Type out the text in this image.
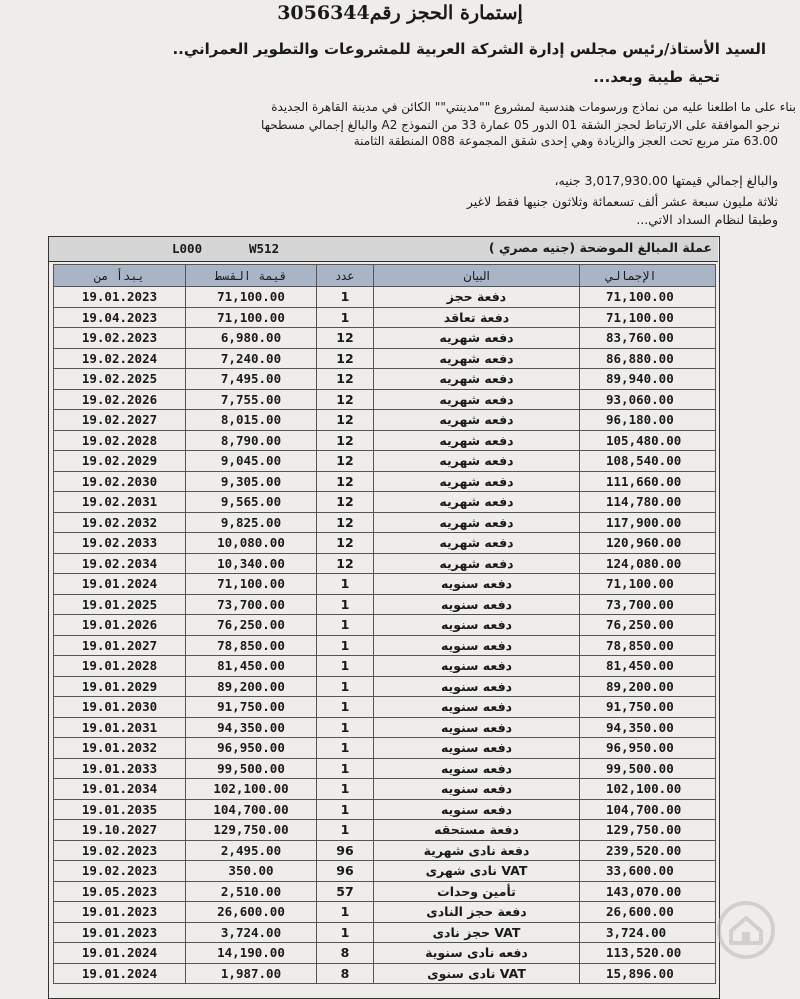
إستمارة الحجز رقم3056344
السيد الأستاذ/رئيس مجلس إدارة الشركة العربية للمشروعات والتطوير العمراني..
تحية طيبة وبعد...
بناء على ما اطلعنا عليه من نماذج ورسومات هندسية لمشروع ""مدينتي"" الكائن في مدينة القاهرة الجديدة
نرجو الموافقة على الارتباط لحجز الشقة 01 الدور 05 عمارة 33 من النموذج A2 والبالغ إجمالي مسطحها
63.00 متر مربع تحت العجز والزيادة وهي إحدى شقق المجموعة 088 المنطقة الثامنة
والبالغ إجمالي قيمتها 3,017,930.00 جنيه،
ثلاثة مليون سبعة عشر ألف تسعمائة وثلاثون جنيها فقط لاغير
وطبقا لنظام السداد الاتي...
عملة المبالغ الموضحة (جنيه مصري )
W512
L000
يبدأ من	قيمة القسط	عدد	البيان	الإجمالي
19.01.2023	71,100.00	1	دفعة حجز	71,100.00
19.04.2023	71,100.00	1	دفعة تعاقد	71,100.00
19.02.2023	6,980.00	12	دفعه شهريه	83,760.00
19.02.2024	7,240.00	12	دفعه شهريه	86,880.00
19.02.2025	7,495.00	12	دفعه شهريه	89,940.00
19.02.2026	7,755.00	12	دفعه شهريه	93,060.00
19.02.2027	8,015.00	12	دفعه شهريه	96,180.00
19.02.2028	8,790.00	12	دفعه شهريه	105,480.00
19.02.2029	9,045.00	12	دفعه شهريه	108,540.00
19.02.2030	9,305.00	12	دفعه شهريه	111,660.00
19.02.2031	9,565.00	12	دفعه شهريه	114,780.00
19.02.2032	9,825.00	12	دفعه شهريه	117,900.00
19.02.2033	10,080.00	12	دفعه شهريه	120,960.00
19.02.2034	10,340.00	12	دفعه شهريه	124,080.00
19.01.2024	71,100.00	1	دفعه سنويه	71,100.00
19.01.2025	73,700.00	1	دفعه سنويه	73,700.00
19.01.2026	76,250.00	1	دفعه سنويه	76,250.00
19.01.2027	78,850.00	1	دفعه سنويه	78,850.00
19.01.2028	81,450.00	1	دفعه سنويه	81,450.00
19.01.2029	89,200.00	1	دفعه سنويه	89,200.00
19.01.2030	91,750.00	1	دفعه سنويه	91,750.00
19.01.2031	94,350.00	1	دفعه سنويه	94,350.00
19.01.2032	96,950.00	1	دفعه سنويه	96,950.00
19.01.2033	99,500.00	1	دفعه سنويه	99,500.00
19.01.2034	102,100.00	1	دفعه سنويه	102,100.00
19.01.2035	104,700.00	1	دفعه سنويه	104,700.00
19.10.2027	129,750.00	1	دفعة مستحقه	129,750.00
19.02.2023	2,495.00	96	دفعة نادى شهرية	239,520.00
19.02.2023	350.00	96	VAT نادى شهرى	33,600.00
19.05.2023	2,510.00	57	تأمين وحدات	143,070.00
19.01.2023	26,600.00	1	دفعة حجز النادى	26,600.00
19.01.2023	3,724.00	1	VAT حجز نادى	3,724.00
19.01.2024	14,190.00	8	دفعه نادى سنوية	113,520.00
19.01.2024	1,987.00	8	VAT نادى سنوى	15,896.00
